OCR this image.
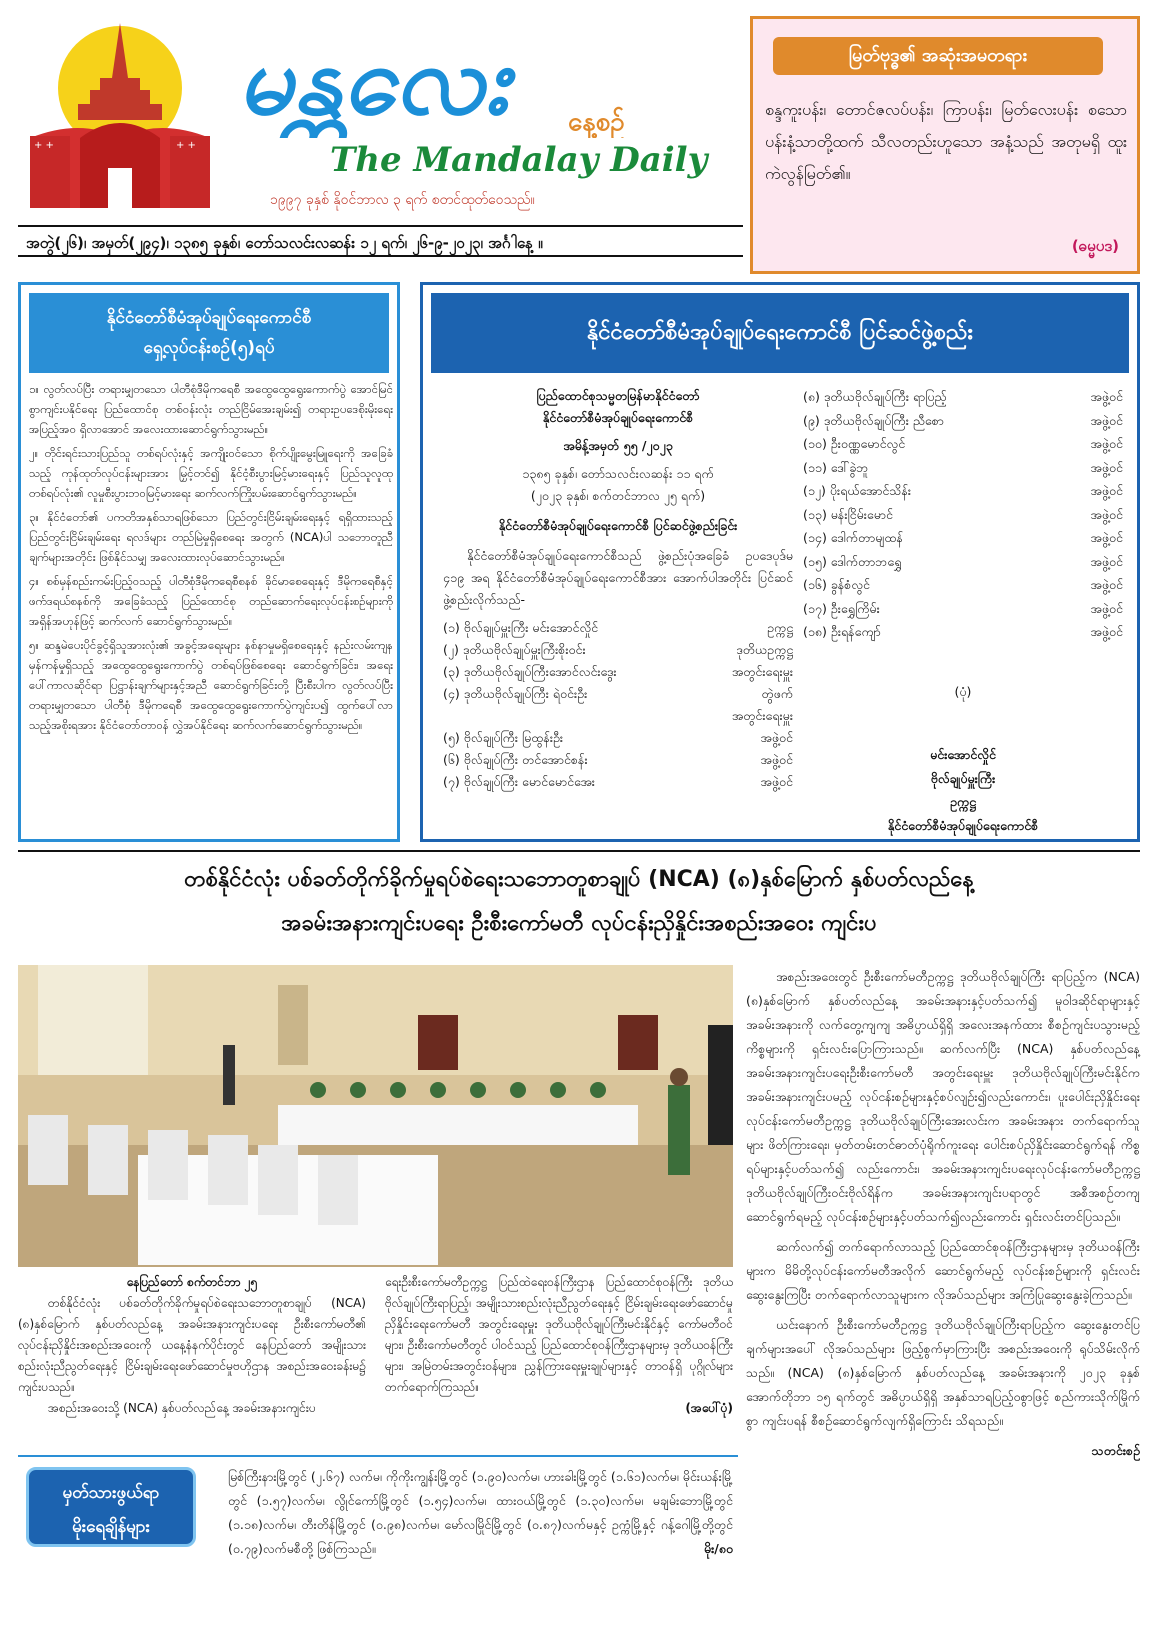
+ +	+ +
မန္တလေး နေ့စဉ်
The Mandalay Daily
၁၉၉၇ ခုနှစ် နိုဝင်ဘာလ ၃ ရက် စတင်ထုတ်ဝေသည်။
မြတ်ဗုဒ္ဓ၏ အဆုံးအမတရား
စန္ဒကူးပန်း၊ တောင်ဇလပ်ပန်း၊ ကြာပန်း၊ မြတ်လေးပန်း စသော ပန်းနံ့သာတို့ထက် သီလတည်းဟူသော အနံ့သည် အတုမရှိ ထူးကဲလွန်မြတ်၏။
(ဓမ္မပဒ)
အတွဲ(၂၆)၊ အမှတ်(၂၉၄)၊ ၁၃၈၅ ခုနှစ်၊ တော်သလင်းလဆန်း ၁၂ ရက်၊ ၂၆-၉-၂၀၂၃၊ အင်္ဂါနေ့ ။
နိုင်ငံတော်စီမံအုပ်ချုပ်ရေးကောင်စီ
ရှေ့လုပ်ငန်းစဉ်(၅)ရပ်

၁။ လွတ်လပ်ပြီး တရားမျှတသော ပါတီစုံဒီမိုကရေစီ အထွေထွေရွေးကောက်ပွဲ အောင်မြင်စွာကျင်းပနိုင်ရေး ပြည်ထောင်စု တစ်ဝန်းလုံး တည်ငြိမ်အေးချမ်း၍ တရားဥပဒေစိုးမိုးရေး အပြည့်အဝ ရှိလာအောင် အလေးထားဆောင်ရွက်သွားမည်။

၂။ တိုင်းရင်းသားပြည်သူ တစ်ရပ်လုံးနှင့် အကျိုးဝင်သော စိုက်ပျိုးမွေးမြူရေးကို အခြေခံသည့် ကုန်ထုတ်လုပ်ငန်းများအား မြှင့်တင်၍ နိုင်ငံ့စီးပွားမြင့်မားရေးနှင့် ပြည်သူလူထု တစ်ရပ်လုံး၏ လူမှုစီးပွားဘဝမြင့်မားရေး ဆက်လက်ကြိုးပမ်းဆောင်ရွက်သွားမည်။

၃။ နိုင်ငံတော်၏ ပကတိအနှစ်သာရဖြစ်သော ပြည်တွင်းငြိမ်းချမ်းရေးနှင့် ရရှိထားသည့် ပြည်တွင်းငြိမ်းချမ်းရေး ရလဒ်များ တည်မြဲမှုရှိစေရေး အတွက် (NCA)ပါ သဘောတူညီချက်များအတိုင်း ဖြစ်နိုင်သမျှ အလေးထားလုပ်ဆောင်သွားမည်။

၄။ စစ်မှန်စည်းကမ်းပြည့်ဝသည့် ပါတီစုံဒီမိုကရေစီစနစ် ခိုင်မာစေရေးနှင့် ဒီမိုကရေစီနှင့် ဖက်ဒရယ်စနစ်ကို အခြေခံသည့် ပြည်ထောင်စု တည်ဆောက်ရေးလုပ်ငန်းစဉ်များကို အရှိန်အဟုန်ဖြင့် ဆက်လက် ဆောင်ရွက်သွားမည်။

၅။ ဆန္ဒမဲပေးပိုင်ခွင့်ရှိသူအားလုံး၏ အခွင့်အရေးများ နစ်နာမှုမရှိစေရေးနှင့် နည်းလမ်းကျနမှန်ကန်မှုရှိသည့် အထွေထွေရွေးကောက်ပွဲ တစ်ရပ်ဖြစ်စေရေး ဆောင်ရွက်ခြင်း၊ အရေးပေါ်ကာလဆိုင်ရာ ပြဋ္ဌာန်းချက်များနှင့်အညီ ဆောင်ရွက်ခြင်းတို့ ပြီးစီးပါက လွတ်လပ်ပြီး တရားမျှတသော ပါတီစုံ ဒီမိုကရေစီ အထွေထွေရွေးကောက်ပွဲကျင်းပ၍ ထွက်ပေါ်လာသည့်အစိုးရအား နိုင်ငံတော်တာဝန် လွှဲအပ်နိုင်ရေး ဆက်လက်ဆောင်ရွက်သွားမည်။

နိုင်ငံတော်စီမံအုပ်ချုပ်ရေးကောင်စီ ပြင်ဆင်ဖွဲ့စည်း
ပြည်ထောင်စုသမ္မတမြန်မာနိုင်ငံတော်
နိုင်ငံတော်စီမံအုပ်ချုပ်ရေးကောင်စီ
အမိန့်အမှတ် ၅၅ /၂၀၂၃
၁၃၈၅ ခုနှစ်၊ တော်သလင်းလဆန်း ၁၁ ရက်
(၂၀၂၃ ခုနှစ်၊ စက်တင်ဘာလ ၂၅ ရက်)
နိုင်ငံတော်စီမံအုပ်ချုပ်ရေးကောင်စီ ပြင်ဆင်ဖွဲ့စည်းခြင်း
နိုင်ငံတော်စီမံအုပ်ချုပ်ရေးကောင်စီသည် ဖွဲ့စည်းပုံအခြေခံ ဥပဒေပုဒ်မ ၄၁၉ အရ နိုင်ငံတော်စီမံအုပ်ချုပ်ရေးကောင်စီအား အောက်ပါအတိုင်း ပြင်ဆင်ဖွဲ့စည်းလိုက်သည်-
(၁) ဗိုလ်ချုပ်မှူးကြီး မင်းအောင်လှိုင်	ဥက္ကဋ္ဌ
(၂) ဒုတိယဗိုလ်ချုပ်မှူးကြီးစိုးဝင်း	ဒုတိယဥက္ကဋ္ဌ
(၃) ဒုတိယဗိုလ်ချုပ်ကြီးအောင်လင်းဒွေး	အတွင်းရေးမှူး
(၄) ဒုတိယဗိုလ်ချုပ်ကြီး ရဲဝင်းဦး	တွဲဖက်
အတွင်းရေးမှူး
(၅) ဗိုလ်ချုပ်ကြီး မြထွန်းဦး	အဖွဲ့ဝင်
(၆) ဗိုလ်ချုပ်ကြီး တင်အောင်စန်း	အဖွဲ့ဝင်
(၇) ဗိုလ်ချုပ်ကြီး မောင်မောင်အေး	အဖွဲ့ဝင်
(၈) ဒုတိယဗိုလ်ချုပ်ကြီး ရာပြည့်	အဖွဲ့ဝင်
(၉) ဒုတိယဗိုလ်ချုပ်ကြီး ညီစော	အဖွဲ့ဝင်
(၁၀) ဦးဝဏ္ဏမောင်လွင်	အဖွဲ့ဝင်
(၁၁) ဒေါ်ခွဲဘူ	အဖွဲ့ဝင်
(၁၂) ပိုးရယ်အောင်သိန်း	အဖွဲ့ဝင်
(၁၃) မန်းငြိမ်းမောင်	အဖွဲ့ဝင်
(၁၄) ဒေါက်တာမျထန်	အဖွဲ့ဝင်
(၁၅) ဒေါက်တာဘရွှေ	အဖွဲ့ဝင်
(၁၆) ခွန်စံလွင်	အဖွဲ့ဝင်
(၁၇) ဦးရွှေကြိမ်း	အဖွဲ့ဝင်
(၁၈) ဦးရန်ကျော်	အဖွဲ့ဝင်
(ပုံ)
မင်းအောင်လှိုင်
ဗိုလ်ချုပ်မှူးကြီး
ဥက္ကဋ္ဌ
နိုင်ငံတော်စီမံအုပ်ချုပ်ရေးကောင်စီ
တစ်နိုင်ငံလုံး ပစ်ခတ်တိုက်ခိုက်မှုရပ်စဲရေးသဘောတူစာချုပ် (NCA) (၈)နှစ်မြောက် နှစ်ပတ်လည်နေ့
အခမ်းအနားကျင်းပရေး ဦးစီးကော်မတီ လုပ်ငန်းညှိနှိုင်းအစည်းအဝေး ကျင်းပ
နေပြည်တော် စက်တင်ဘာ ၂၅
တစ်နိုင်ငံလုံး ပစ်ခတ်တိုက်ခိုက်မှုရပ်စဲရေးသဘောတူစာချုပ် (NCA)(၈)နှစ်မြောက် နှစ်ပတ်လည်နေ့ အခမ်းအနားကျင်းပရေး ဦးစီးကော်မတီ၏ လုပ်ငန်းညှိနှိုင်းအစည်းအဝေးကို ယနေ့နံနက်ပိုင်းတွင် နေပြည်တော် အမျိုးသားစည်းလုံးညီညွတ်ရေးနှင့် ငြိမ်းချမ်းရေးဖော်ဆောင်မှုဗဟိုဌာန အစည်းအဝေးခန်းမ၌ ကျင်းပသည်။
အစည်းအဝေးသို့ (NCA) နှစ်ပတ်လည်နေ့ အခမ်းအနားကျင်းပ
ရေးဦးစီးကော်မတီဥက္ကဋ္ဌ ပြည်ထဲရေးဝန်ကြီးဌာန ပြည်ထောင်စုဝန်ကြီး ဒုတိယဗိုလ်ချုပ်ကြီးရာပြည့်၊ အမျိုးသားစည်းလုံးညီညွတ်ရေးနှင့် ငြိမ်းချမ်းရေးဖော်ဆောင်မှုညှိနှိုင်းရေးကော်မတီ အတွင်းရေးမှူး ဒုတိယဗိုလ်ချုပ်ကြီးမင်းနိုင်နှင့် ကော်မတီဝင်များ၊ ဦးစီးကော်မတီတွင် ပါဝင်သည့် ပြည်ထောင်စုဝန်ကြီးဌာနများမှ ဒုတိယဝန်ကြီးများ၊ အမြဲတမ်းအတွင်းဝန်များ၊ ညွှန်ကြားရေးမှူးချုပ်များနှင့် တာဝန်ရှိ ပုဂ္ဂိုလ်များ တက်ရောက်ကြသည်။
(အပေါ်ပုံ)

အစည်းအဝေးတွင် ဦးစီးကော်မတီဥက္ကဋ္ဌ ဒုတိယဗိုလ်ချုပ်ကြီး ရာပြည့်က (NCA)(၈)နှစ်မြောက် နှစ်ပတ်လည်နေ့ အခမ်းအနားနှင့်ပတ်သက်၍ မူဝါဒဆိုင်ရာများနှင့် အခမ်းအနားကို လက်တွေ့ကျကျ အဓိပ္ပာယ်ရှိရှိ အလေးအနက်ထား စီစဉ်ကျင်းပသွားမည့် ကိစ္စများကို ရှင်းလင်းပြောကြားသည်။ ဆက်လက်ပြီး (NCA) နှစ်ပတ်လည်နေ့ အခမ်းအနားကျင်းပရေးဦးစီးကော်မတီ အတွင်းရေးမှူး ဒုတိယဗိုလ်ချုပ်ကြီးမင်းနိုင်က အခမ်းအနားကျင်းပမည့် လုပ်ငန်းစဉ်များနှင့်စပ်လျဉ်း၍လည်းကောင်း၊ ပူးပေါင်းညှိနှိုင်းရေးလုပ်ငန်းကော်မတီဥက္ကဋ္ဌ ဒုတိယဗိုလ်ချုပ်ကြီးအေးလင်းက အခမ်းအနား တက်ရောက်သူများ ဖိတ်ကြားရေး၊ မှတ်တမ်းတင်ဓာတ်ပုံရိုက်ကူးရေး ပေါင်းစပ်ညှိနှိုင်းဆောင်ရွက်ရန် ကိစ္စရပ်များနှင့်ပတ်သက်၍ လည်းကောင်း၊ အခမ်းအနားကျင်းပရေးလုပ်ငန်းကော်မတီဥက္ကဋ္ဌ ဒုတိယဗိုလ်ချုပ်ကြီးဝင်းဗိုလ်ရိန်က အခမ်းအနားကျင်းပရာတွင် အစီအစဉ်တကျ ဆောင်ရွက်ရမည့် လုပ်ငန်းစဉ်များနှင့်ပတ်သက်၍လည်းကောင်း ရှင်းလင်းတင်ပြသည်။

ဆက်လက်၍ တက်ရောက်လာသည့် ပြည်ထောင်စုဝန်ကြီးဌာနများမှ ဒုတိယဝန်ကြီးများက မိမိတို့လုပ်ငန်းကော်မတီအလိုက် ဆောင်ရွက်မည့် လုပ်ငန်းစဉ်များကို ရှင်းလင်းဆွေးနွေးကြပြီး တက်ရောက်လာသူများက လိုအပ်သည်များ အကြံပြုဆွေးနွေးခဲ့ကြသည်။

ယင်းနောက် ဦးစီးကော်မတီဥက္ကဋ္ဌ ဒုတိယဗိုလ်ချုပ်ကြီးရာပြည့်က ဆွေးနွေးတင်ပြချက်များအပေါ် လိုအပ်သည်များ ဖြည့်စွက်မှာကြားပြီး အစည်းအဝေးကို ရုပ်သိမ်းလိုက်သည်။ (NCA) (၈)နှစ်မြောက် နှစ်ပတ်လည်နေ့ အခမ်းအနားကို ၂၀၂၃ ခုနှစ် အောက်တိုဘာ ၁၅ ရက်တွင် အဓိပ္ပာယ်ရှိရှိ အနှစ်သာရပြည့်ဝစွာဖြင့် စည်ကားသိုက်မြိုက်စွာ ကျင်းပရန် စီစဉ်ဆောင်ရွက်လျက်ရှိကြောင်း သိရသည်။

သတင်းစဉ်
မှတ်သားဖွယ်ရာ
မိုးရေချိန်များ
မြစ်ကြီးနားမြို့တွင် (၂.၆၇) လက်မ၊ ကိုကိုးကျွန်းမြို့တွင် (၁.၉၀)လက်မ၊ ဟားခါးမြို့တွင် (၁.၆၁)လက်မ၊ မိုင်းယန်းမြို့တွင် (၁.၅၇)လက်မ၊ လွိုင်ကော်မြို့တွင် (၁.၅၄)လက်မ၊ ထားဝယ်မြို့တွင် (၁.၃၀)လက်မ၊ မချမ်းဘောမြို့တွင် (၁.၁၈)လက်မ၊ တီးတိန်မြို့တွင် (၀.၉၈)လက်မ၊ မော်လမြိုင်မြို့တွင် (၀.၈၇)လက်မနှင့် ဥက္ကံမြို့နှင့် ဂန့်ဂေါမြို့တို့တွင် (၀.၇၉)လက်မစီတို့ ဖြစ်ကြသည်။	မိုး/၈၀
